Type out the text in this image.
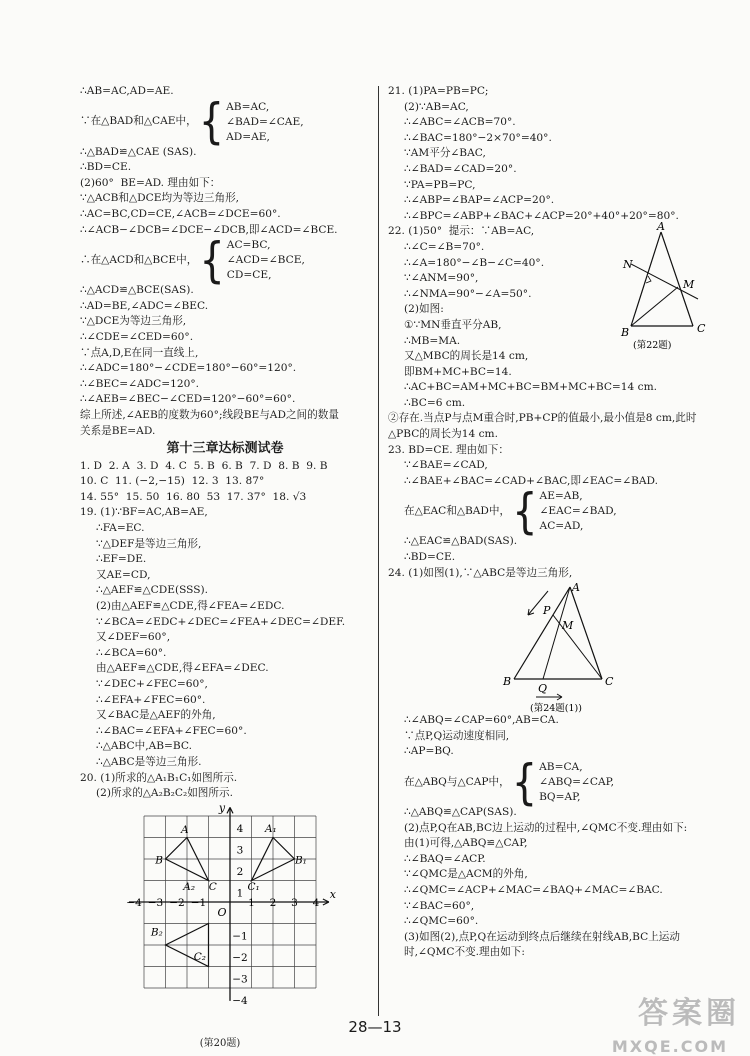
∴AB=AC,AD=AE.
∵在△BAD和△CAE中， { AB=AC,
∠BAD=∠CAE,
AD=AE,
∴△BAD≌△CAE (SAS).
∴BD=CE.
(2)60°  BE=AD. 理由如下：
∵△ACB和△DCE均为等边三角形,
∴AC=BC,CD=CE,∠ACB=∠DCE=60°.
∴∠ACB−∠DCB=∠DCE−∠DCB,即∠ACD=∠BCE.
∴在△ACD和△BCE中， { AC=BC,
∠ACD=∠BCE,
CD=CE,
∴△ACD≌△BCE(SAS).
∴AD=BE,∠ADC=∠BEC.
∵△DCE为等边三角形,
∴∠CDE=∠CED=60°.
∵点A,D,E在同一直线上,
∴∠ADC=180°−∠CDE=180°−60°=120°.
∴∠BEC=∠ADC=120°.
∴∠AEB=∠BEC−∠CED=120°−60°=60°.
综上所述,∠AEB的度数为60°;线段BE与AD之间的数量
关系是BE=AD.
第十三章达标测试卷
1. D  2. A  3. D  4. C  5. B  6. B  7. D  8. B  9. B
10. C  11. (−2,−15)  12. 3  13. 87°
14. 55°  15. 50  16. 80  53  17. 37°  18. √3
19. (1)∵BF=AC,AB=AE,
∴FA=EC.
∵△DEF是等边三角形,
∴EF=DE.
又AE=CD,
∴△AEF≌△CDE(SSS).
(2)由△AEF≌△CDE,得∠FEA=∠EDC.
∵∠BCA=∠EDC+∠DEC=∠FEA+∠DEC=∠DEF.
又∠DEF=60°,
∴∠BCA=60°.
由△AEF≌△CDE,得∠EFA=∠DEC.
∵∠DEC+∠FEC=60°,
∴∠EFA+∠FEC=60°.
又∠BAC是△AEF的外角,
∴∠BAC=∠EFA+∠FEC=60°.
∴△ABC中,AB=BC.
∴△ABC是等边三角形.
20. (1)所求的△A₁B₁C₁如图所示.
(2)所求的△A₂B₂C₂如图所示.
x
y
O
−4 −3 −2 −1	1 2 3 4
4
3
2
1
−1
−2
−3
−4
A	A₁
B	B₁
C	C₁
A₂
B₂
C₂
(第20题)
21. (1)PA=PB=PC;
(2)∵AB=AC,
∴∠ABC=∠ACB=70°.
∴∠BAC=180°−2×70°=40°.
∵AM平分∠BAC,
∴∠BAD=∠CAD=20°.
∵PA=PB=PC,
∴∠ABP=∠BAP=∠ACP=20°.
∴∠BPC=∠ABP+∠BAC+∠ACP=20°+40°+20°=80°.
22. (1)50°  提示：∵AB=AC,
∴∠C=∠B=70°.
∴∠A=180°−∠B−∠C=40°.
∵∠ANM=90°,
∴∠NMA=90°−∠A=50°.
(2)如图:
①∵MN垂直平分AB,
∴MB=MA.
又△MBC的周长是14 cm,
即BM+MC+BC=14.
∴AC+BC=AM+MC+BC=BM+MC+BC=14 cm.
∴BC=6 cm.
A
N
M
B	C
(第22题)
②存在.当点P与点M重合时,PB+CP的值最小,最小值是8 cm,此时△PBC的周长为14 cm.
23. BD=CE. 理由如下：
∵∠BAE=∠CAD,
∴∠BAE+∠BAC=∠CAD+∠BAC,即∠EAC=∠BAD.
在△EAC和△BAD中， { AE=AB,
∠EAC=∠BAD,
AC=AD,
∴△EAC≌△BAD(SAS).
∴BD=CE.
24. (1)如图(1),∵△ABC是等边三角形,
A
P
M
B
Q
C
(第24题(1))
∴∠ABQ=∠CAP=60°,AB=CA.
∵点P,Q运动速度相同,
∴AP=BQ.
在△ABQ与△CAP中， { AB=CA,
∠ABQ=∠CAP,
BQ=AP,
∴△ABQ≌△CAP(SAS).
(2)点P,Q在AB,BC边上运动的过程中,∠QMC不变.理由如下:
由(1)可得,△ABQ≌△CAP,
∴∠BAQ=∠ACP.
∵∠QMC是△ACM的外角,
∴∠QMC=∠ACP+∠MAC=∠BAQ+∠MAC=∠BAC.
∵∠BAC=60°,
∴∠QMC=60°.
(3)如图(2),点P,Q在运动到终点后继续在射线AB,BC上运动时,∠QMC不变.理由如下:
28—13	答案圈
MXQE.COM
